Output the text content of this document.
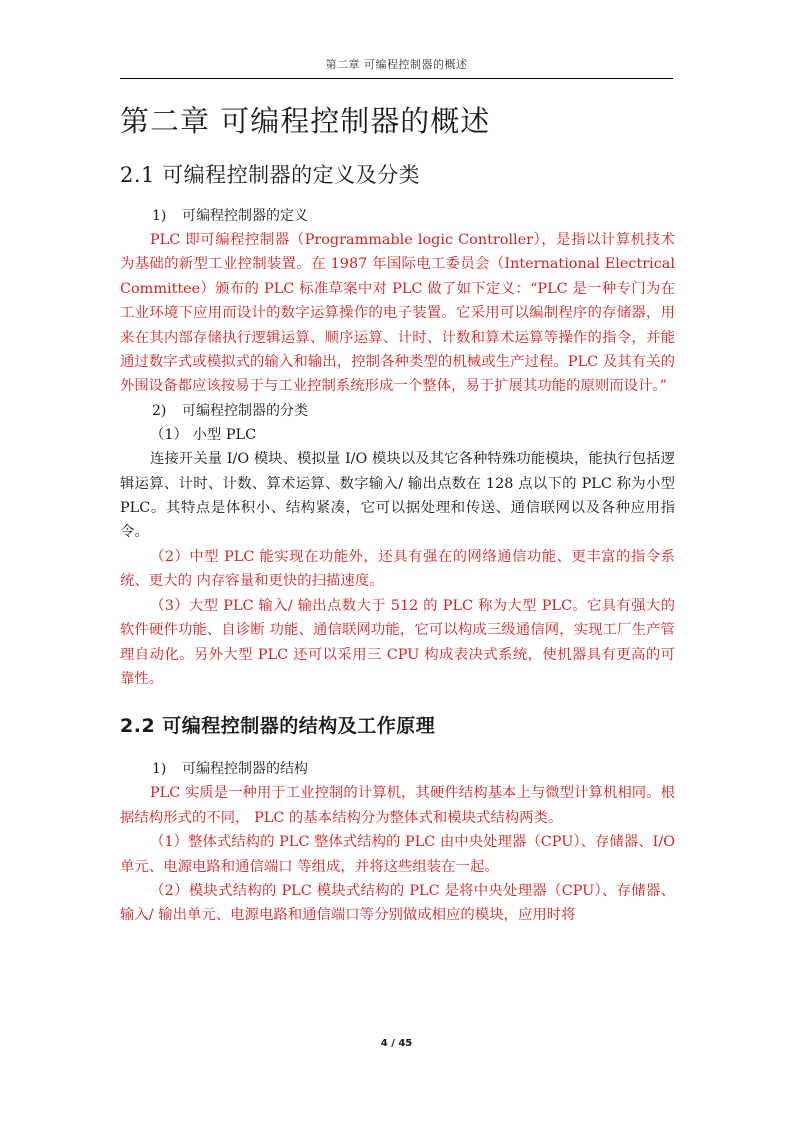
第二章 可编程控制器的概述
第二章 可编程控制器的概述
2.1 可编程控制器的定义及分类

1) 可编程控制器的定义

PLC 即可编程控制器（Programmable logic Controller），是指以计算机技术为基础的新型工业控制装置。在 1987 年国际电工委员会（International Electrical Committee）颁布的 PLC 标准草案中对 PLC 做了如下定义：“PLC 是一种专门为在工业环境下应用而设计的数字运算操作的电子装置。它采用可以编制程序的存储器，用来在其内部存储执行逻辑运算、顺序运算、计时、计数和算术运算等操作的指令，并能通过数字式或模拟式的输入和输出，控制各种类型的机械或生产过程。PLC 及其有关的外围设备都应该按易于与工业控制系统形成一个整体，易于扩展其功能的原则而设计。”

2) 可编程控制器的分类

（1） 小型 PLC

连接开关量 I/O 模块、模拟量 I/O 模块以及其它各种特殊功能模块，能执行包括逻辑运算、计时、计数、算术运算、数字输入/ 输出点数在 128 点以下的 PLC 称为小型 PLC。其特点是体积小、结构紧凑，它可以据处理和传送、通信联网以及各种应用指令。

（2）中型 PLC 能实现在功能外，还具有强在的网络通信功能、更丰富的指令系统、更大的 内存容量和更快的扫描速度。

（3）大型 PLC 输入/ 输出点数大于 512 的 PLC 称为大型 PLC。它具有强大的软件硬件功能、自诊断 功能、通信联网功能，它可以构成三级通信网，实现工厂生产管理自动化。另外大型 PLC 还可以采用三 CPU 构成表决式系统，使机器具有更高的可靠性。

2.2 可编程控制器的结构及工作原理

1) 可编程控制器的结构

PLC 实质是一种用于工业控制的计算机，其硬件结构基本上与微型计算机相同。根据结构形式的不同， PLC 的基本结构分为整体式和模块式结构两类。

（1）整体式结构的 PLC 整体式结构的 PLC 由中央处理器（CPU）、存储器、I/O 单元、电源电路和通信端口 等组成，并将这些组装在一起。

（2）模块式结构的 PLC 模块式结构的 PLC 是将中央处理器（CPU）、存储器、输入/ 输出单元、电源电路和通信端口等分别做成相应的模块，应用时将

4 / 45
